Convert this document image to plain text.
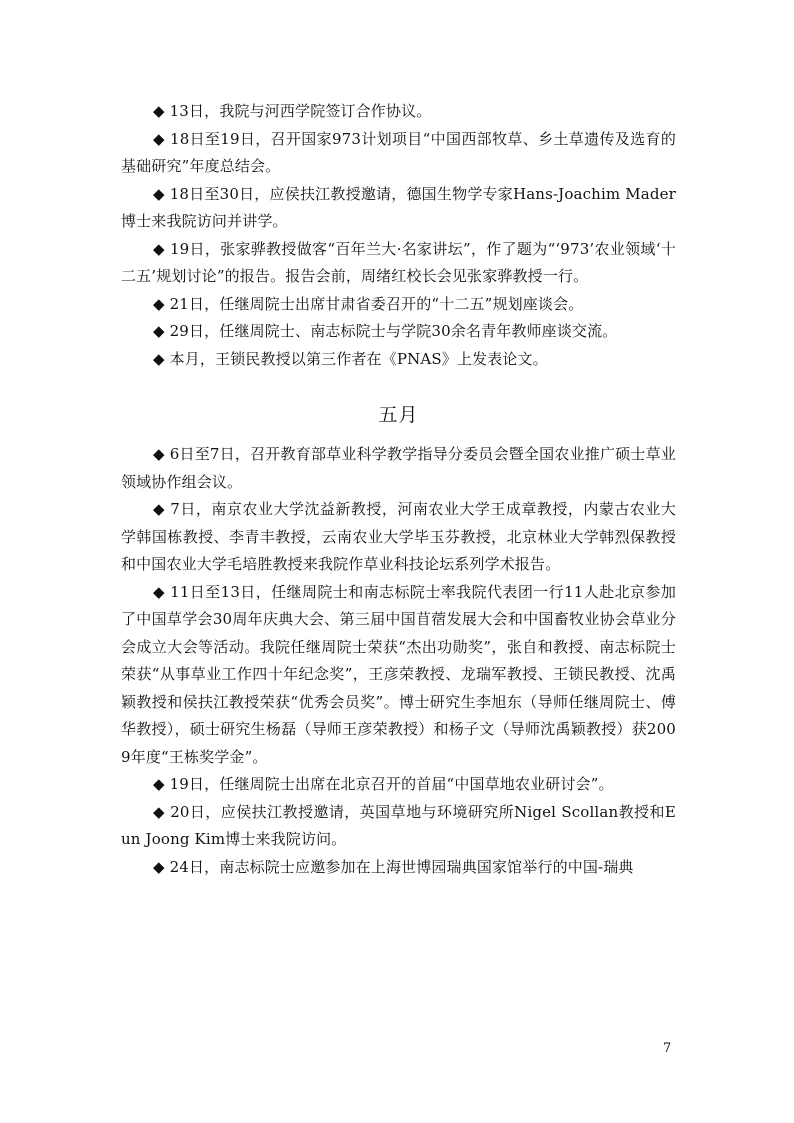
◆ 13日，我院与河西学院签订合作协议。

◆ 18日至19日，召开国家973计划项目“中国西部牧草、乡土草遗传及选育的基础研究”年度总结会。

◆ 18日至30日，应侯扶江教授邀请，德国生物学专家Hans-Joachim Mader博士来我院访问并讲学。

◆ 19日，张家骅教授做客“百年兰大·名家讲坛”，作了题为“‘973’农业领域‘十二五’规划讨论”的报告。报告会前，周绪红校长会见张家骅教授一行。

◆ 21日，任继周院士出席甘肃省委召开的“十二五”规划座谈会。

◆ 29日，任继周院士、南志标院士与学院30余名青年教师座谈交流。

◆ 本月，王锁民教授以第三作者在《PNAS》上发表论文。

五月

◆ 6日至7日，召开教育部草业科学教学指导分委员会暨全国农业推广硕士草业领域协作组会议。

◆ 7日，南京农业大学沈益新教授，河南农业大学王成章教授，内蒙古农业大学韩国栋教授、李青丰教授，云南农业大学毕玉芬教授，北京林业大学韩烈保教授和中国农业大学毛培胜教授来我院作草业科技论坛系列学术报告。

◆ 11日至13日，任继周院士和南志标院士率我院代表团一行11人赴北京参加了中国草学会30周年庆典大会、第三届中国苜蓿发展大会和中国畜牧业协会草业分会成立大会等活动。我院任继周院士荣获“杰出功勋奖”，张自和教授、南志标院士荣获“从事草业工作四十年纪念奖”，王彦荣教授、龙瑞军教授、王锁民教授、沈禹颖教授和侯扶江教授荣获“优秀会员奖”。博士研究生李旭东（导师任继周院士、傅华教授），硕士研究生杨磊（导师王彦荣教授）和杨子文（导师沈禹颖教授）获2009年度“王栋奖学金”。

◆ 19日，任继周院士出席在北京召开的首届“中国草地农业研讨会”。

◆ 20日，应侯扶江教授邀请，英国草地与环境研究所Nigel Scollan教授和Eun Joong Kim博士来我院访问。

◆ 24日，南志标院士应邀参加在上海世博园瑞典国家馆举行的中国-瑞典

7
